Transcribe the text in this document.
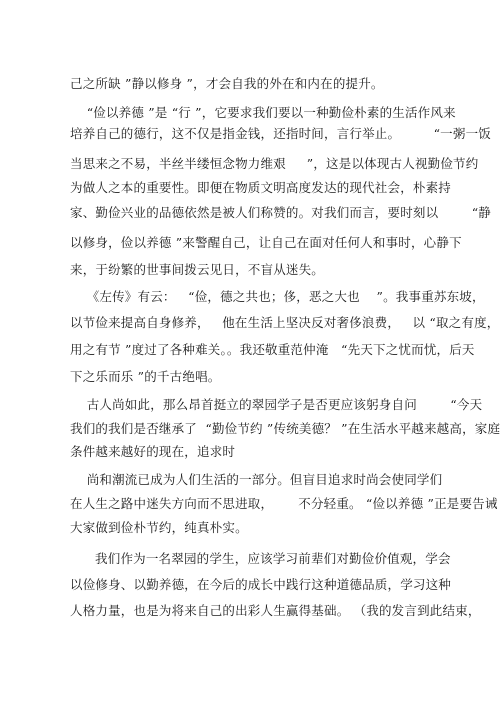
己之所缺 ”静以修身 ”，才会自我的外在和内在的提升。
“俭以养德 ”是 “行 ”，它要求我们要以一种勤俭朴素的生活作风来
培养自己的德行，这不仅是指金钱，还指时间，言行举止。        “一粥一饭
当思来之不易，半丝半缕恒念物力维艰     ”，这是以体现古人视勤俭节约
为做人之本的重要性。即便在物质文明高度发达的现代社会，朴素持
家、勤俭兴业的品德依然是被人们称赞的。对我们而言，要时刻以        “静
以修身，俭以养德 ”来警醒自己，让自己在面对任何人和事时，心静下
来，于纷繁的世事间拨云见日，不盲从迷失。
《左传》有云：   “俭，德之共也；侈，恶之大也    ”。我事重苏东坡，
以节俭来提高自身修养，   他在生活上坚决反对奢侈浪费，   以 “取之有度，
用之有节 ”度过了各种难关。。我还敬重范仲淹   “先天下之忧而忧，后天
下之乐而乐 ”的千古绝唱。
古人尚如此，那么昂首挺立的翠园学子是否更应该躬身自问        “今天
我们的我们是否继承了  “勤俭节约 ”传统美德？ ”在生活水平越来越高，家庭
条件越来越好的现在，追求时
尚和潮流已成为人们生活的一部分。但盲目追求时尚会使同学们
在人生之路中迷失方向而不思进取，      不分轻重。 “俭以养德 ”正是要告诫
大家做到俭朴节约，纯真朴实。
我们作为一名翠园的学生，应该学习前辈们对勤俭价值观，学会
以俭修身、以勤养德，在今后的成长中践行这种道德品质，学习这种
人格力量，也是为将来自己的出彩人生赢得基础。 （我的发言到此结束，
